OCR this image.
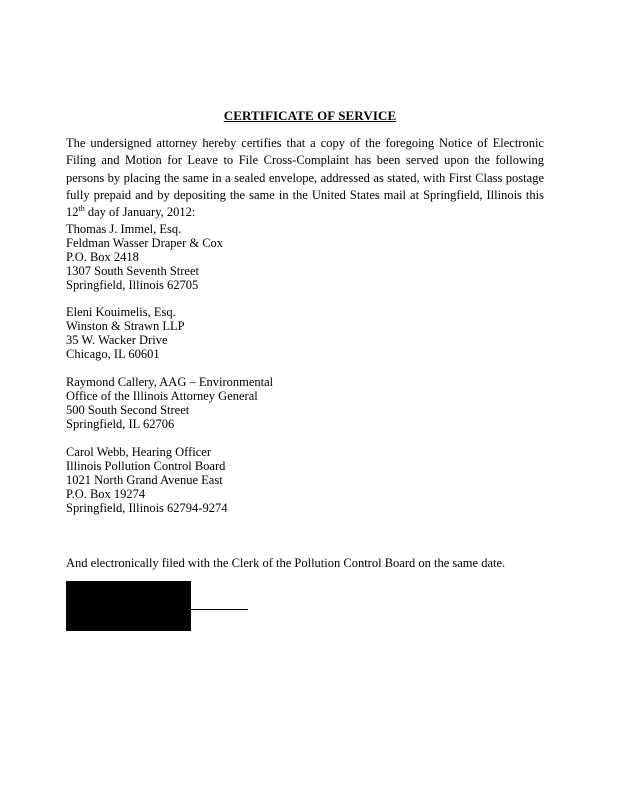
CERTIFICATE OF SERVICE
The undersigned attorney hereby certifies that a copy of the foregoing Notice of Electronic Filing and Motion for Leave to File Cross-Complaint has been served upon the following persons by placing the same in a sealed envelope, addressed as stated, with First Class postage fully prepaid and by depositing the same in the United States mail at Springfield, Illinois this 12th day of January, 2012:
Thomas J. Immel, Esq.
Feldman Wasser Draper & Cox
P.O. Box 2418
1307 South Seventh Street
Springfield, Illinois 62705
Eleni Kouimelis, Esq.
Winston & Strawn LLP
35 W. Wacker Drive
Chicago, IL 60601
Raymond Callery, AAG – Environmental
Office of the Illinois Attorney General
500 South Second Street
Springfield, IL 62706
Carol Webb, Hearing Officer
Illinois Pollution Control Board
1021 North Grand Avenue East
P.O. Box 19274
Springfield, Illinois 62794-9274
And electronically filed with the Clerk of the Pollution Control Board on the same date.
